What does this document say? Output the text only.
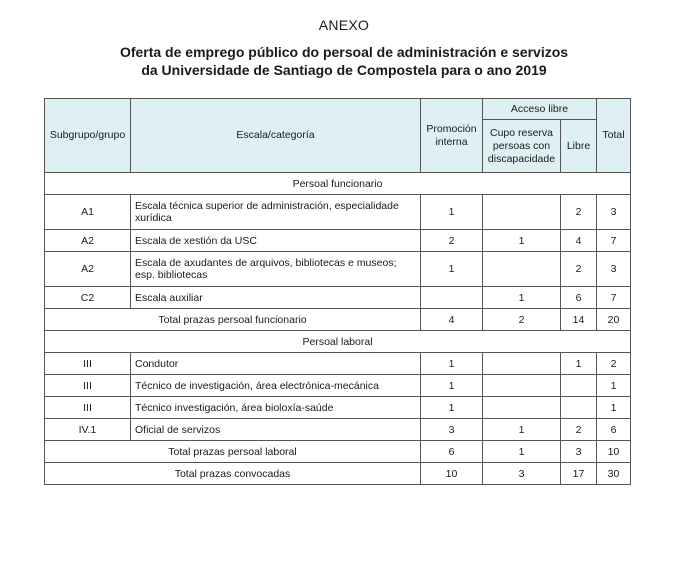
ANEXO
Oferta de emprego público do persoal de administración e servizos
da Universidade de Santiago de Compostela para o ano 2019
Subgrupo/grupo	Escala/categoría	Promoción interna	Acceso libre		Total
			Cupo reserva persoas con discapacidade	Libre	
Persoal funcionario					
A1	Escala técnica superior de administración, especialidade xurídica	1		2	3
A2	Escala de xestión da USC	2	1	4	7
A2	Escala de axudantes de arquivos, bibliotecas e museos; esp. bibliotecas	1		2	3
C2	Escala auxiliar		1	6	7
Total prazas persoal funcionario		4	2	14	20
Persoal laboral					
III	Condutor	1		1	2
III	Técnico de investigación, área electrónica-mecánica	1			1
III	Técnico investigación, área bioloxía-saúde	1			1
IV.1	Oficial de servizos	3	1	2	6
Total prazas persoal laboral		6	1	3	10
Total prazas convocadas		10	3	17	30
